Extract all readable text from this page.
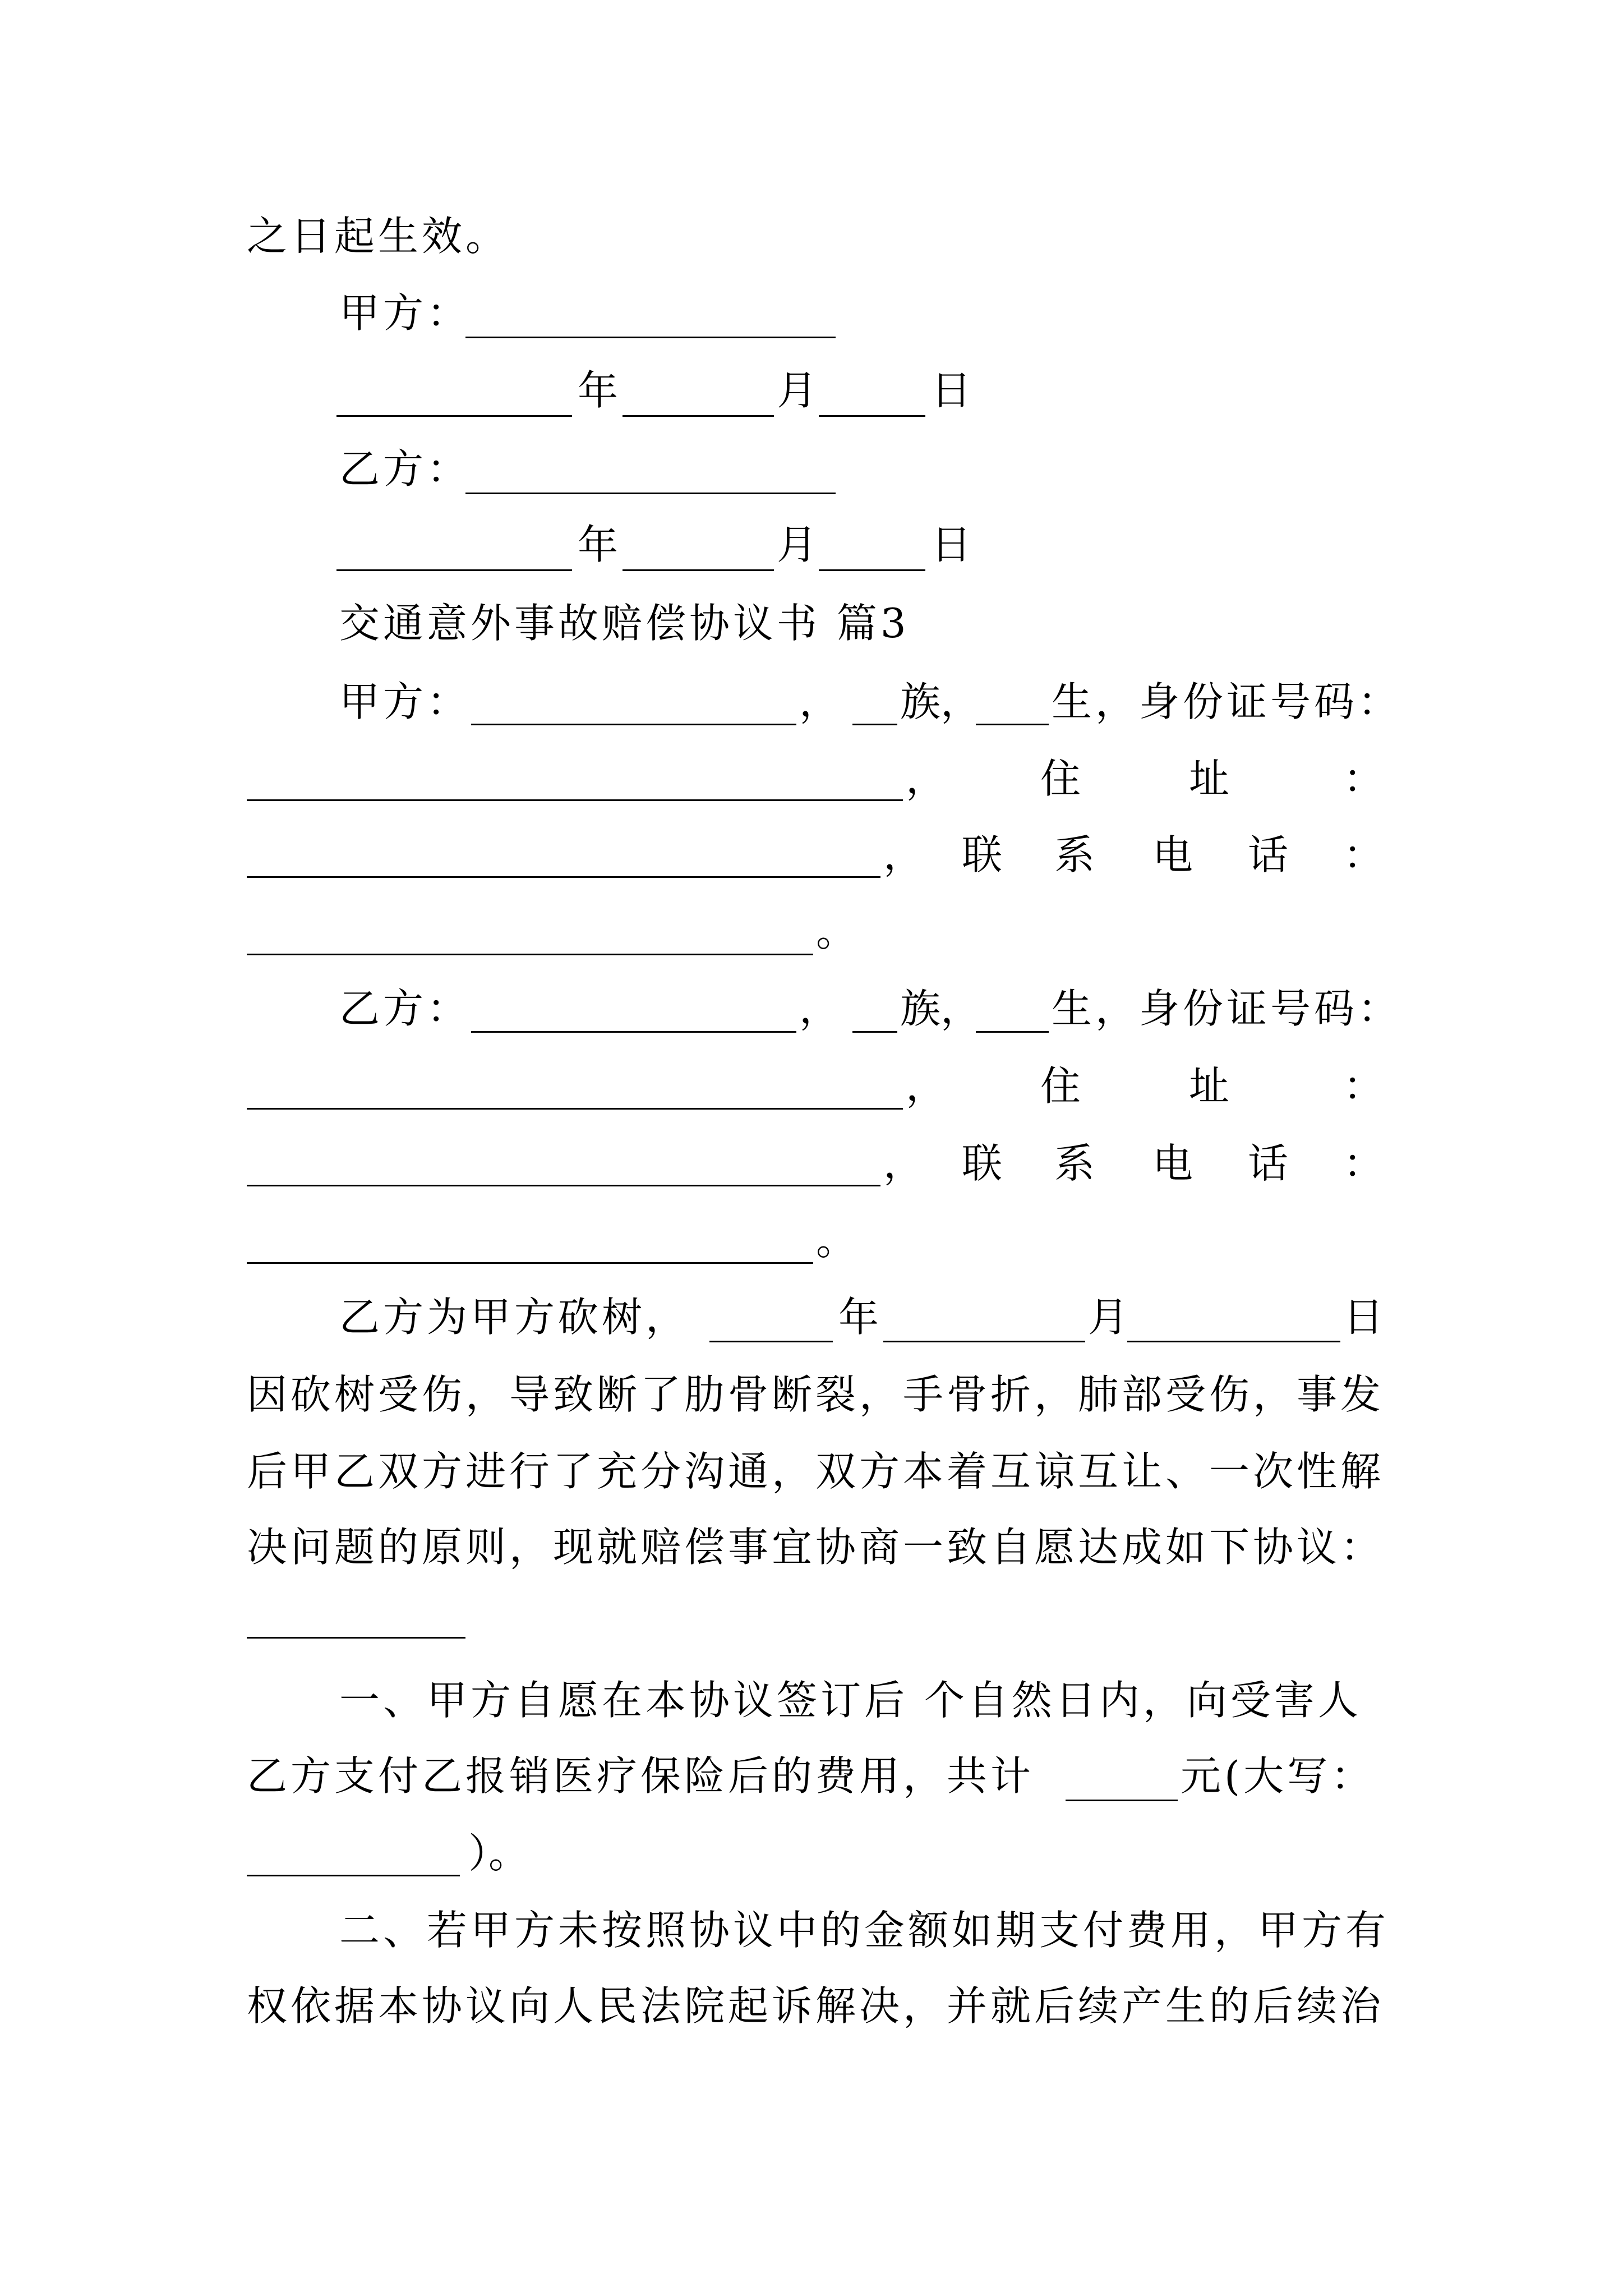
之日起生效。
甲方：
年	月	日
乙方：
年	月	日
交通意外事故赔偿协议书 篇3
甲方：	， 族， 生，身份证号码：
， 住	址	：
， 联 系 电 话 ：
。
乙方：	， 族， 生，身份证号码：
， 住	址	：
， 联 系 电 话 ：
。
乙方为甲方砍树，	年	月	日
因砍树受伤，导致断了肋骨断裂，手骨折，肺部受伤，事发
后甲乙双方进行了充分沟通，双方本着互谅互让、一次性解
决问题的原则，现就赔偿事宜协商一致自愿达成如下协议：
一、甲方自愿在本协议签订后 个自然日内，向受害人
乙方支付乙报销医疗保险后的费用，共计	元(大写：
）。
二、若甲方未按照协议中的金额如期支付费用，甲方有
权依据本协议向人民法院起诉解决，并就后续产生的后续治
